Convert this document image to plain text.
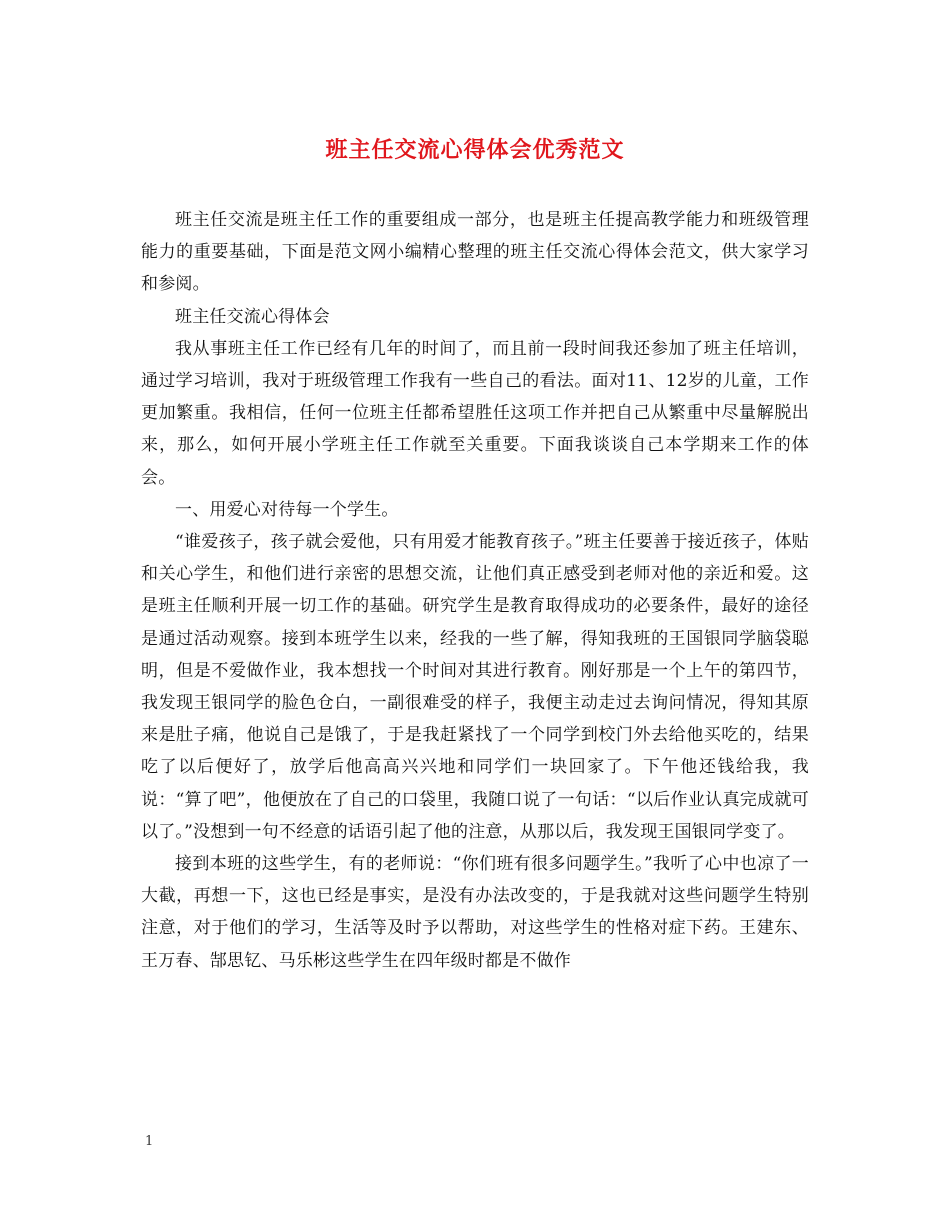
班主任交流心得体会优秀范文

班主任交流是班主任工作的重要组成一部分，也是班主任提高教学能力和班级管理能力的重要基础，下面是范文网小编精心整理的班主任交流心得体会范文，供大家学习和参阅。

班主任交流心得体会

我从事班主任工作已经有几年的时间了，而且前一段时间我还参加了班主任培训，通过学习培训，我对于班级管理工作我有一些自己的看法。面对11、12岁的儿童，工作更加繁重。我相信，任何一位班主任都希望胜任这项工作并把自己从繁重中尽量解脱出来，那么，如何开展小学班主任工作就至关重要。下面我谈谈自己本学期来工作的体会。

一、用爱心对待每一个学生。

“谁爱孩子，孩子就会爱他，只有用爱才能教育孩子。”班主任要善于接近孩子，体贴和关心学生，和他们进行亲密的思想交流，让他们真正感受到老师对他的亲近和爱。这是班主任顺利开展一切工作的基础。研究学生是教育取得成功的必要条件，最好的途径是通过活动观察。接到本班学生以来，经我的一些了解，得知我班的王国银同学脑袋聪明，但是不爱做作业，我本想找一个时间对其进行教育。刚好那是一个上午的第四节，我发现王银同学的脸色仓白，一副很难受的样子，我便主动走过去询问情况，得知其原来是肚子痛，他说自己是饿了，于是我赶紧找了一个同学到校门外去给他买吃的，结果吃了以后便好了，放学后他高高兴兴地和同学们一块回家了。下午他还钱给我，我说：“算了吧”，他便放在了自己的口袋里，我随口说了一句话：“以后作业认真完成就可以了。”没想到一句不经意的话语引起了他的注意，从那以后，我发现王国银同学变了。

接到本班的这些学生，有的老师说：“你们班有很多问题学生。”我听了心中也凉了一大截，再想一下，这也已经是事实，是没有办法改变的，于是我就对这些问题学生特别注意，对于他们的学习，生活等及时予以帮助，对这些学生的性格对症下药。王建东、王万春、郜思钇、马乐彬这些学生在四年级时都是不做作

1
